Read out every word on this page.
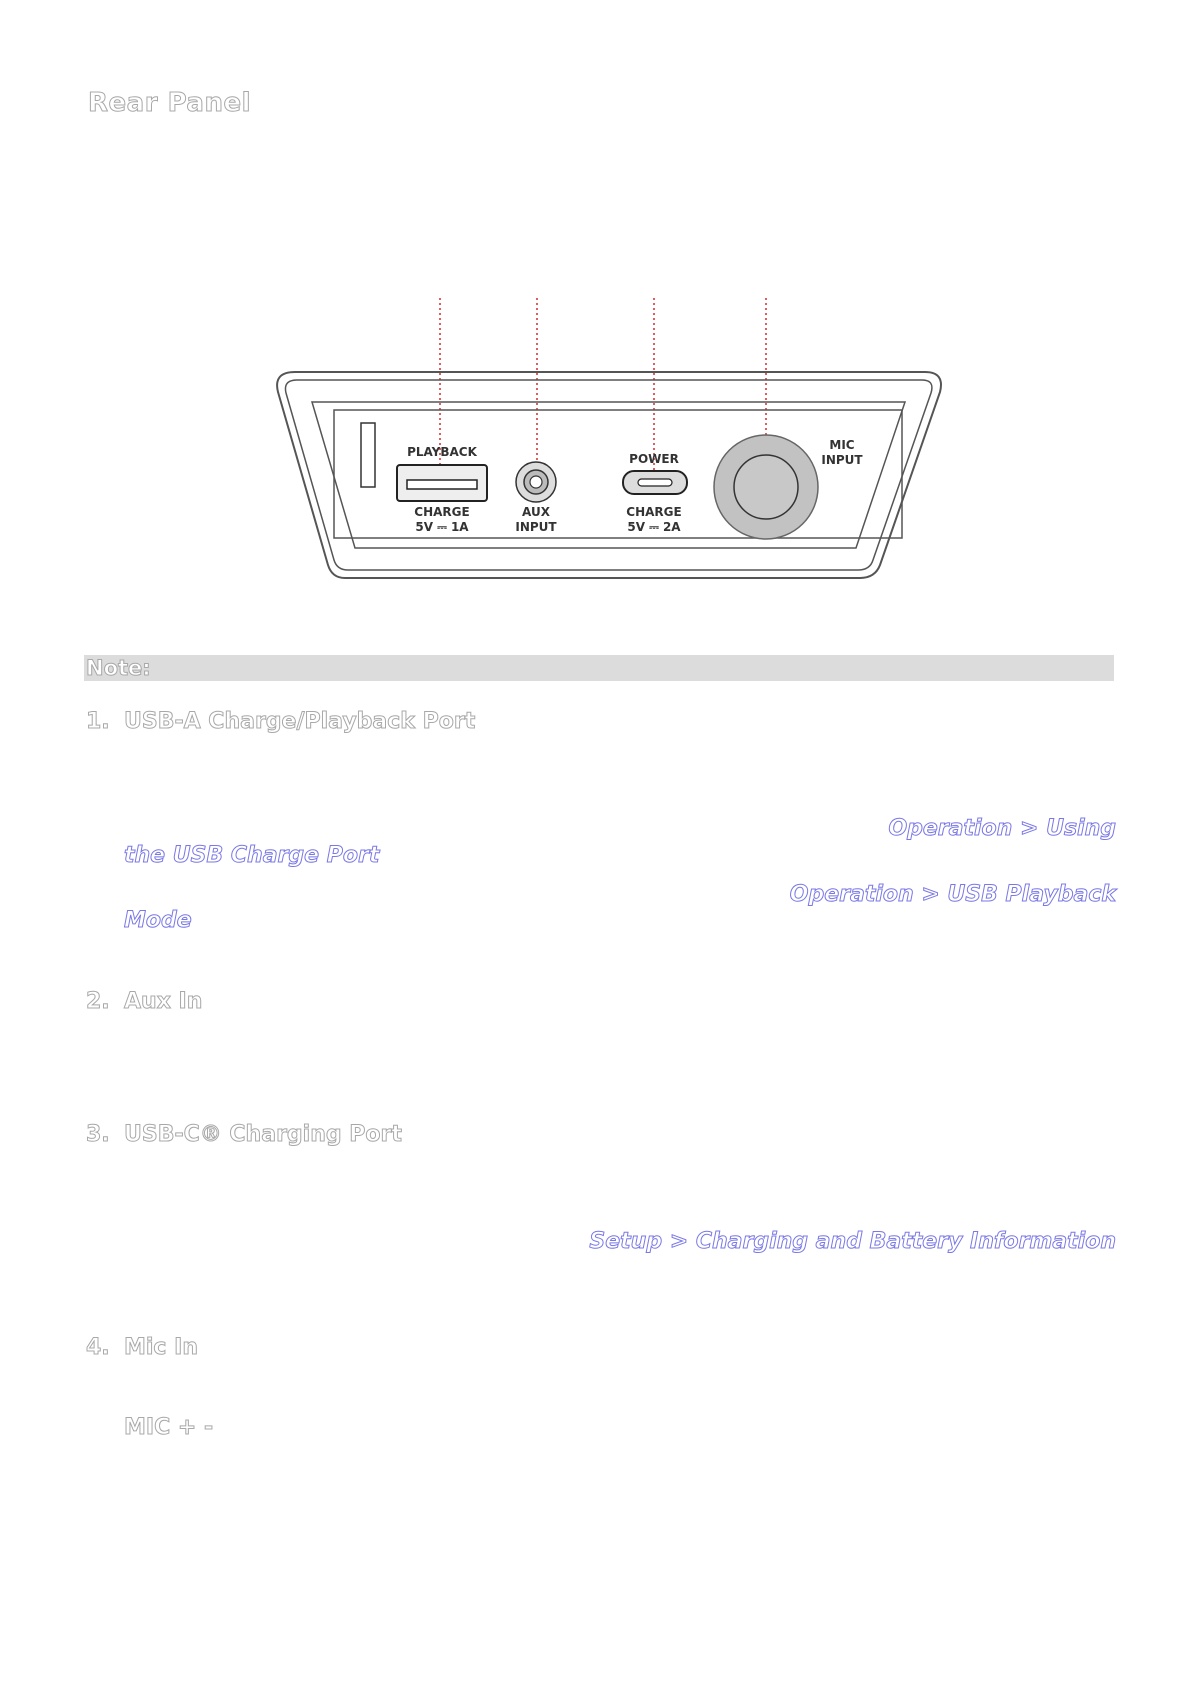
Rear Panel
PLAYBACK
CHARGE
5V ⎓ 1A
AUX
INPUT
POWER
CHARGE
5V ⎓ 2A
MIC
INPUT
Note:
1. USB-A Charge/Playback Port
Operation > Using
the USB Charge Port
Operation > USB Playback
Mode
2. Aux In
3. USB-C® Charging Port
Setup > Charging and Battery Information
4. Mic In
MIC + -
